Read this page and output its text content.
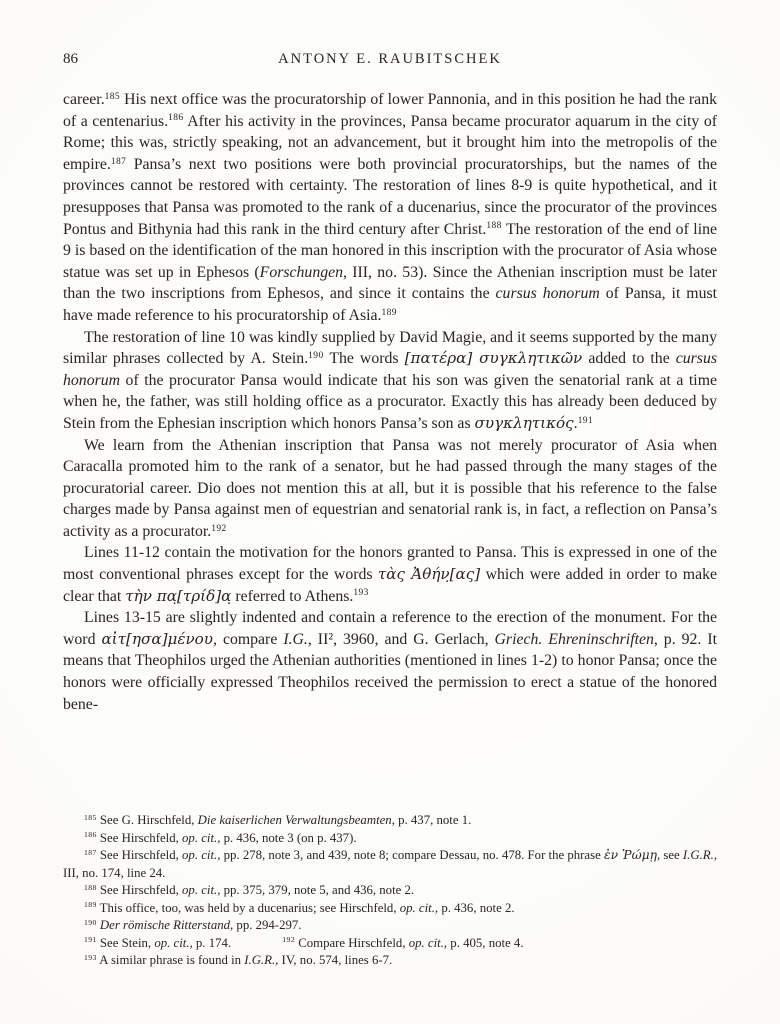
86	ANTONY E. RAUBITSCHEK

career.$^{185}$ His next office was the procuratorship of lower Pannonia, and in this position he had the rank of a centenarius.$^{186}$ After his activity in the provinces, Pansa became procurator aquarum in the city of Rome; this was, strictly speaking, not an advancement, but it brought him into the metropolis of the empire.$^{187}$ Pansa’s next two positions were both provincial procuratorships, but the names of the provinces cannot be restored with certainty. The restoration of lines 8-9 is quite hypothetical, and it presupposes that Pansa was promoted to the rank of a ducenarius, since the procurator of the provinces Pontus and Bithynia had this rank in the third century after Christ.$^{188}$ The restoration of the end of line 9 is based on the identification of the man honored in this inscription with the procurator of Asia whose statue was set up in Ephesos (Forschungen, III, no. 53). Since the Athenian inscription must be later than the two inscriptions from Ephesos, and since it contains the cursus honorum of Pansa, it must have made reference to his procuratorship of Asia.$^{189}$

The restoration of line 10 was kindly supplied by David Magie, and it seems supported by the many similar phrases collected by A. Stein.$^{190}$ The words [πατέρα] συγκλητικῶν added to the cursus honorum of the procurator Pansa would indicate that his son was given the senatorial rank at a time when he, the father, was still holding office as a procurator. Exactly this has already been deduced by Stein from the Ephesian inscription which honors Pansa’s son as συγκλητικός.$^{191}$

We learn from the Athenian inscription that Pansa was not merely procurator of Asia when Caracalla promoted him to the rank of a senator, but he had passed through the many stages of the procuratorial career. Dio does not mention this at all, but it is possible that his reference to the false charges made by Pansa against men of equestrian and senatorial rank is, in fact, a reflection on Pansa’s activity as a procurator.$^{192}$

Lines 11-12 contain the motivation for the honors granted to Pansa. This is expressed in one of the most conventional phrases except for the words τὰς Ἀθήν̣[ας] which were added in order to make clear that τὴν πα̣[τρίδ]α̣ referred to Athens.$^{193}$

Lines 13-15 are slightly indented and contain a reference to the erection of the monument. For the word αἰτ[ησα]μένου, compare I.G., II², 3960, and G. Gerlach, Griech. Ehreninschriften, p. 92. It means that Theophilos urged the Athenian authorities (mentioned in lines 1-2) to honor Pansa; once the honors were officially expressed Theophilos received the permission to erect a statue of the honored bene-

$^{185}$ See G. Hirschfeld, Die kaiserlichen Verwaltungsbeamten, p. 437, note 1.

$^{186}$ See Hirschfeld, op. cit., p. 436, note 3 (on p. 437).

$^{187}$ See Hirschfeld, op. cit., pp. 278, note 3, and 439, note 8; compare Dessau, no. 478. For the phrase ἐν Ῥώμῃ, see I.G.R., III, no. 174, line 24.

$^{188}$ See Hirschfeld, op. cit., pp. 375, 379, note 5, and 436, note 2.

$^{189}$ This office, too, was held by a ducenarius; see Hirschfeld, op. cit., p. 436, note 2.

$^{190}$ Der römische Ritterstand, pp. 294-297.

$^{191}$ See Stein, op. cit., p. 174.    $^{192}$ Compare Hirschfeld, op. cit., p. 405, note 4.

$^{193}$ A similar phrase is found in I.G.R., IV, no. 574, lines 6-7.
